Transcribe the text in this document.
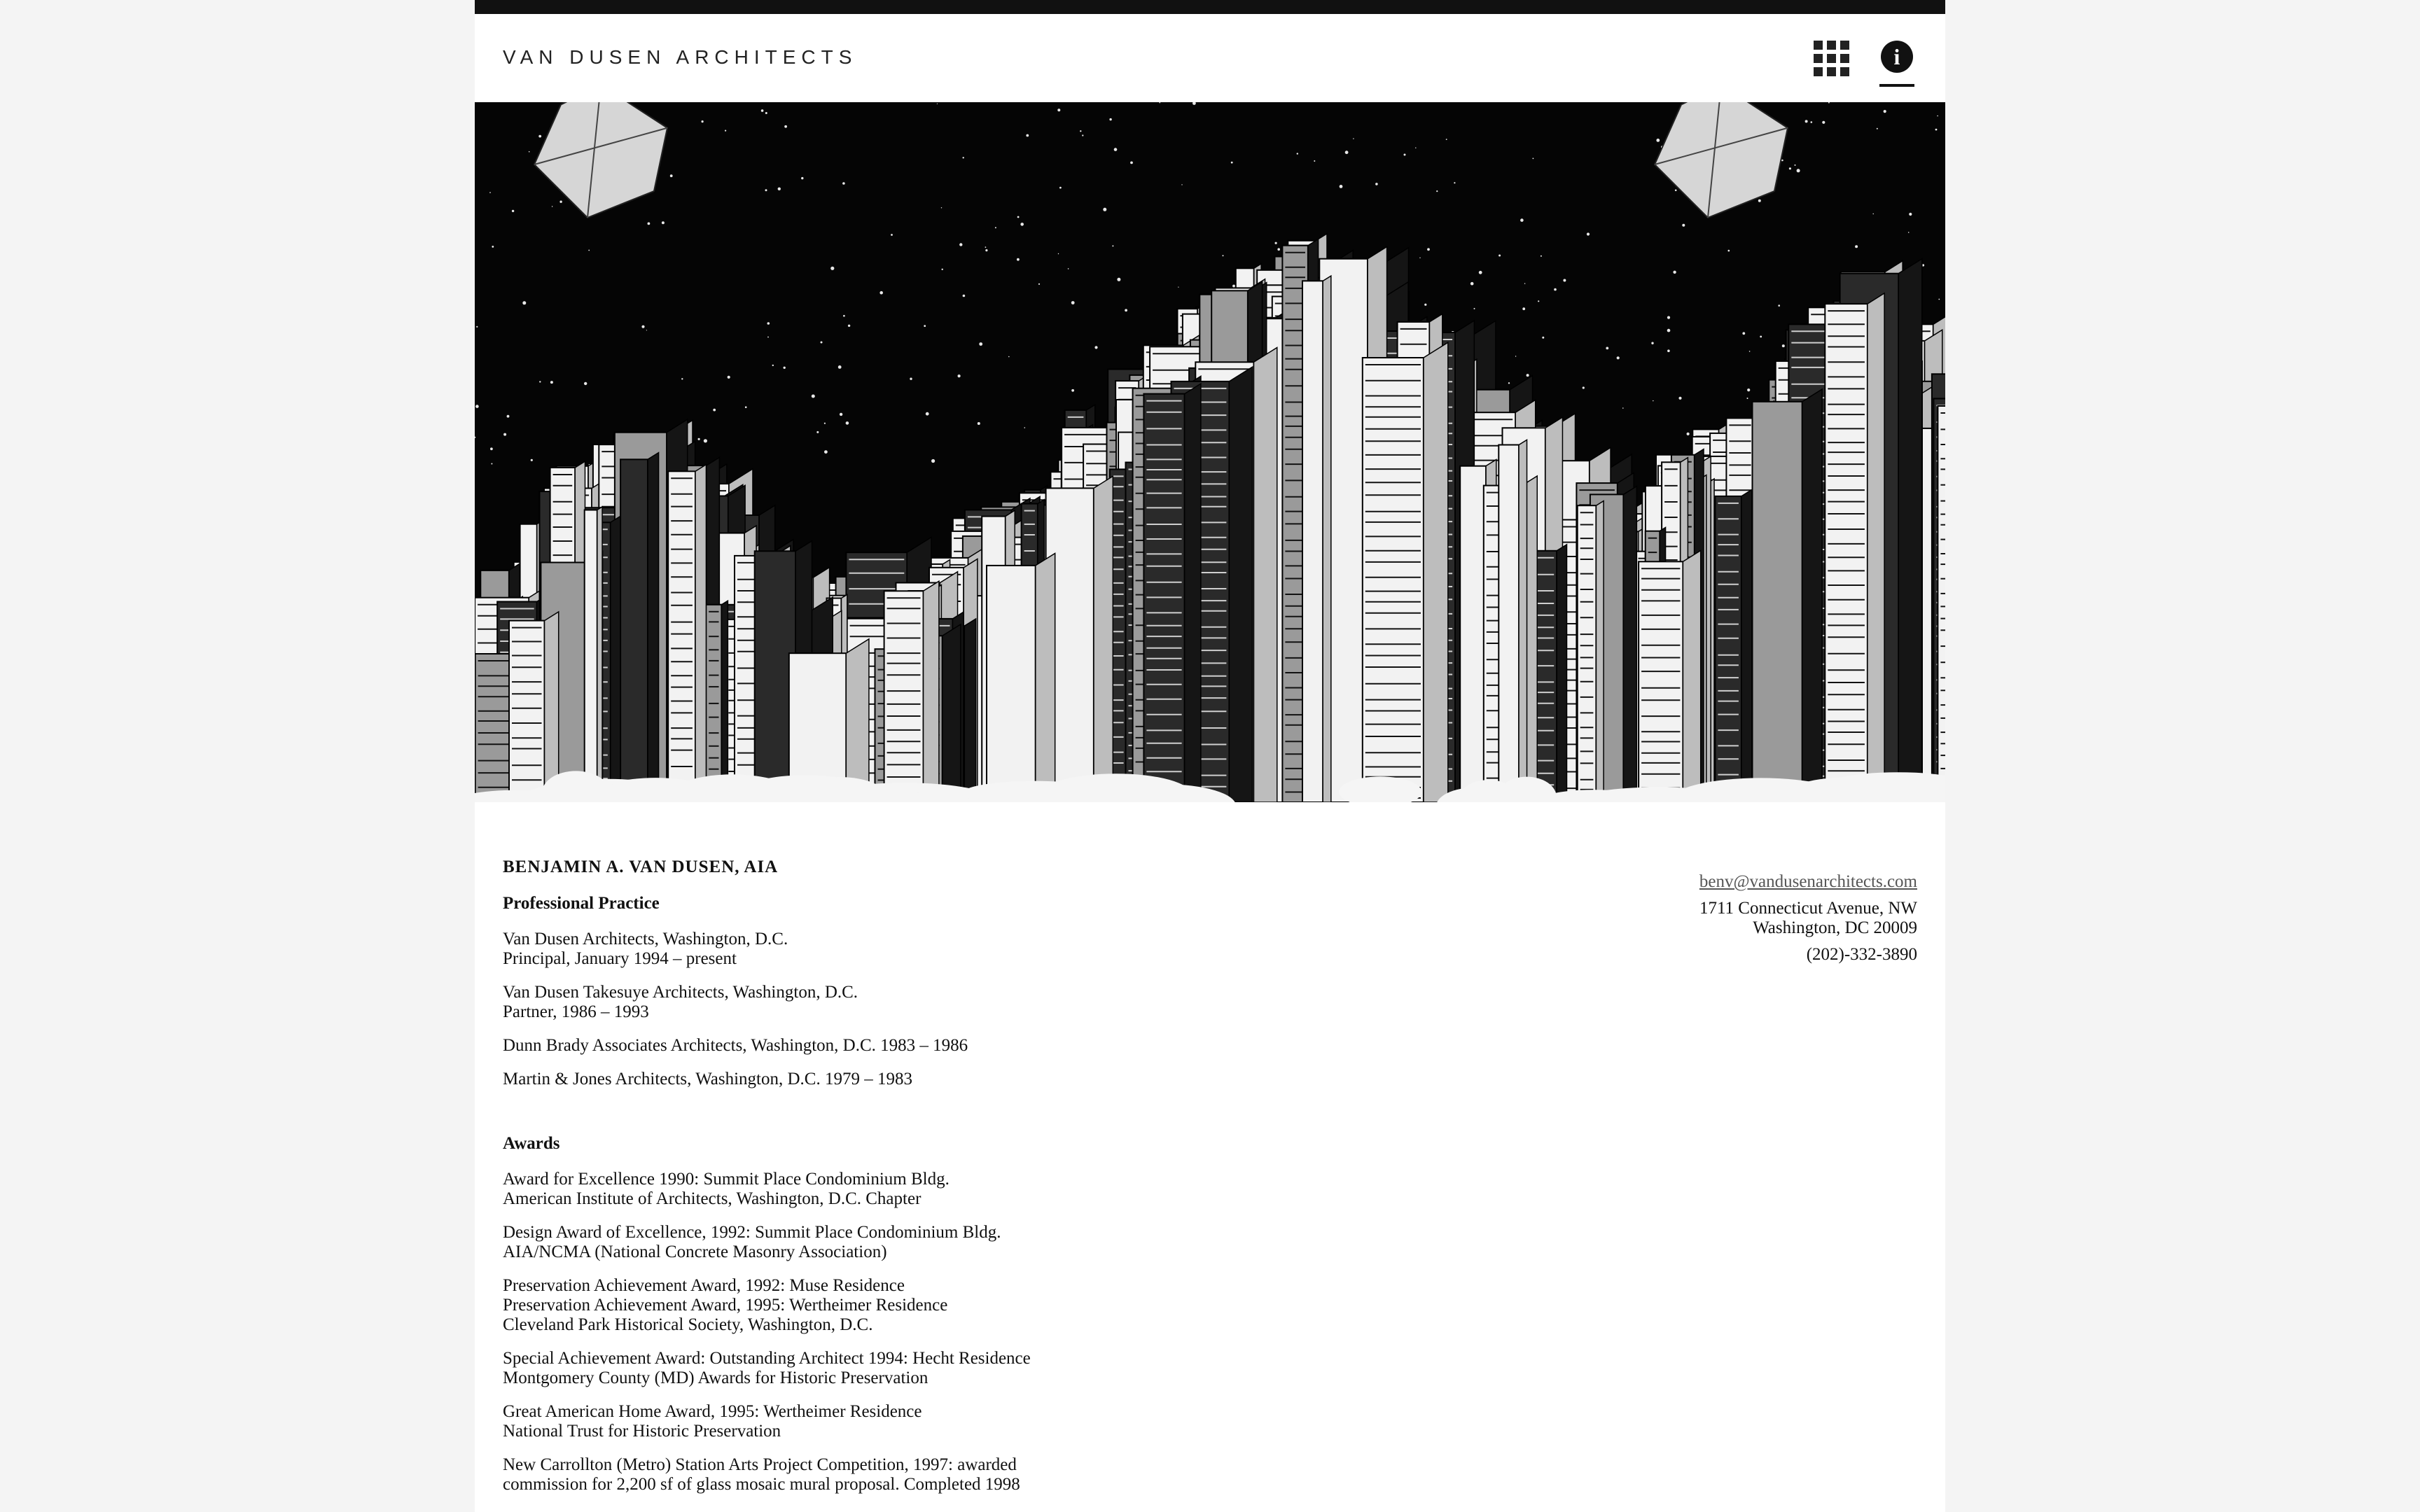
VAN DUSEN ARCHITECTS	i
BENJAMIN A. VAN DUSEN, AIA
Professional Practice
Van Dusen Architects, Washington, D.C.
Principal, January 1994 – present
Van Dusen Takesuye Architects, Washington, D.C.
Partner, 1986 – 1993
Dunn Brady Associates Architects, Washington, D.C. 1983 – 1986
Martin & Jones Architects, Washington, D.C. 1979 – 1983
Awards
Award for Excellence 1990: Summit Place Condominium Bldg.
American Institute of Architects, Washington, D.C. Chapter
Design Award of Excellence, 1992: Summit Place Condominium Bldg.
AIA/NCMA (National Concrete Masonry Association)
Preservation Achievement Award, 1992: Muse Residence
Preservation Achievement Award, 1995: Wertheimer Residence
Cleveland Park Historical Society, Washington, D.C.
Special Achievement Award: Outstanding Architect 1994: Hecht Residence
Montgomery County (MD) Awards for Historic Preservation
Great American Home Award, 1995: Wertheimer Residence
National Trust for Historic Preservation
New Carrollton (Metro) Station Arts Project Competition, 1997: awarded
commission for 2,200 sf of glass mosaic mural proposal. Completed 1998
benv@vandusenarchitects.com
1711 Connecticut Avenue, NW
Washington, DC 20009
(202)-332-3890
